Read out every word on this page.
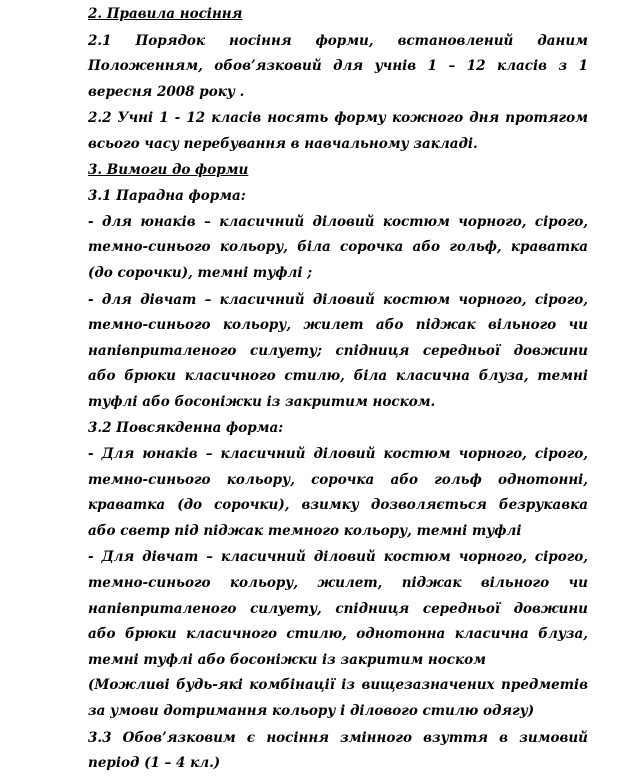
2. Правила носіння
2.1 Порядок носіння форми, встановлений даним
Положенням, обов’язковий для учнів 1 – 12 класів з 1
вересня 2008 року .
2.2 Учні 1 - 12 класів носять форму кожного дня протягом
всього часу перебування в навчальному закладі.
3. Вимоги до форми
3.1 Парадна форма:
- для юнаків – класичний діловий костюм чорного, сірого,
темно-синього кольору, біла сорочка або гольф, краватка
(до сорочки), темні туфлі ;
- для дівчат – класичний діловий костюм чорного, сірого,
темно-синього кольору, жилет або піджак вільного чи
напівприталеного силуету; спідниця середньої довжини
або брюки класичного стилю, біла класична блуза, темні
туфлі або босоніжки із закритим носком.
3.2 Повсякденна форма:
- Для юнаків – класичний діловий костюм чорного, сірого,
темно-синього кольору, сорочка або гольф однотонні,
краватка (до сорочки), взимку дозволяється безрукавка
або светр під піджак темного кольору, темні туфлі
- Для дівчат – класичний діловий костюм чорного, сірого,
темно-синього кольору, жилет, піджак вільного чи
напівприталеного силуету, спідниця середньої довжини
або брюки класичного стилю, однотонна класична блуза,
темні туфлі або босоніжки із закритим носком
(Можливі будь-які комбінації із вищезазначених предметів
за умови дотримання кольору і ділового стилю одягу)
3.3 Обов’язковим є носіння змінного взуття в зимовий
період (1 – 4 кл.)
